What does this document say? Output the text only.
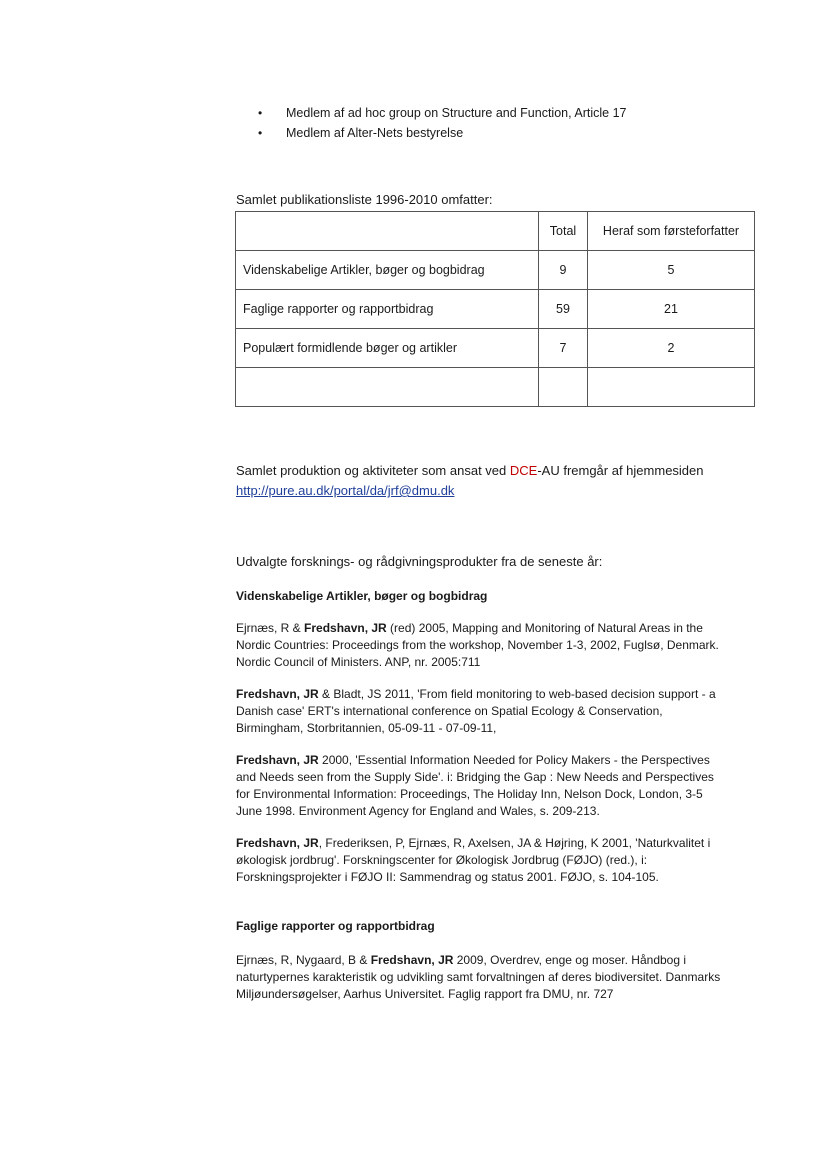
• Medlem af ad hoc group on Structure and Function, Article 17
• Medlem af Alter-Nets bestyrelse
Samlet publikationsliste 1996-2010 omfatter:
	Total	Heraf som førsteforfatter
Videnskabelige Artikler, bøger og bogbidrag	9	5
Faglige rapporter og rapportbidrag	59	21
Populært formidlende bøger og artikler	7	2

Samlet produktion og aktiviteter som ansat ved DCE-AU fremgår af hjemmesiden
http://pure.au.dk/portal/da/jrf@dmu.dk
Udvalgte forsknings- og rådgivningsprodukter fra de seneste år:
Videnskabelige Artikler, bøger og bogbidrag
Ejrnæs, R & Fredshavn, JR (red) 2005, Mapping and Monitoring of Natural Areas in the
Nordic Countries: Proceedings from the workshop, November 1-3, 2002, Fuglsø, Denmark.
Nordic Council of Ministers. ANP, nr. 2005:711
Fredshavn, JR & Bladt, JS 2011, 'From field monitoring to web-based decision support - a
Danish case' ERT's international conference on Spatial Ecology & Conservation,
Birmingham, Storbritannien, 05-09-11 - 07-09-11,
Fredshavn, JR 2000, 'Essential Information Needed for Policy Makers - the Perspectives
and Needs seen from the Supply Side'. i: Bridging the Gap : New Needs and Perspectives
for Environmental Information: Proceedings, The Holiday Inn, Nelson Dock, London, 3-5
June 1998. Environment Agency for England and Wales, s. 209-213.
Fredshavn, JR, Frederiksen, P, Ejrnæs, R, Axelsen, JA & Højring, K 2001, 'Naturkvalitet i
økologisk jordbrug'. Forskningscenter for Økologisk Jordbrug (FØJO) (red.), i:
Forskningsprojekter i FØJO II: Sammendrag og status 2001. FØJO, s. 104-105.
Faglige rapporter og rapportbidrag
Ejrnæs, R, Nygaard, B & Fredshavn, JR 2009, Overdrev, enge og moser. Håndbog i
naturtypernes karakteristik og udvikling samt forvaltningen af deres biodiversitet. Danmarks
Miljøundersøgelser, Aarhus Universitet. Faglig rapport fra DMU, nr. 727
